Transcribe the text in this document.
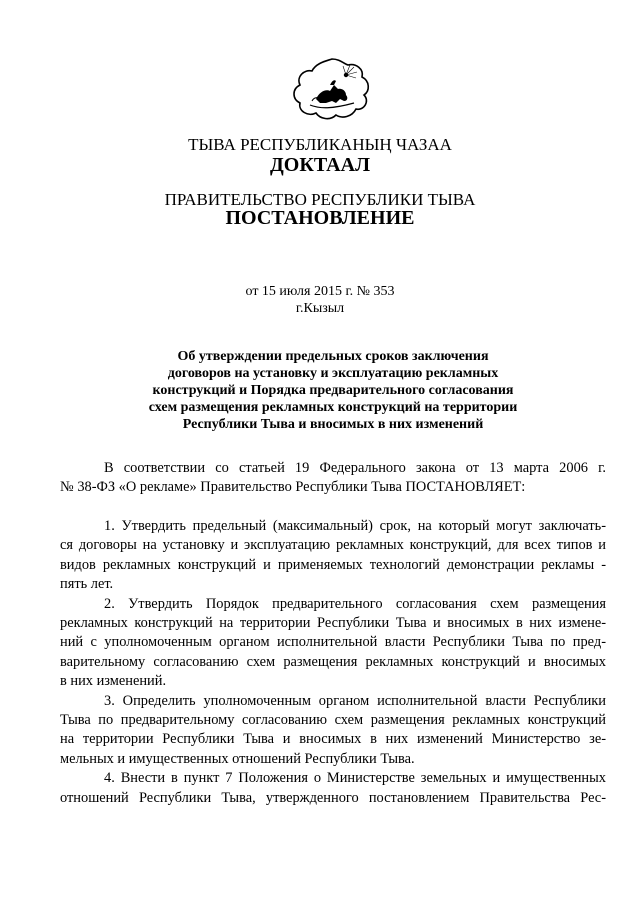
ТЫВА РЕСПУБЛИКАНЫҢ ЧАЗАА
ДОКТААЛ
ПРАВИТЕЛЬСТВО РЕСПУБЛИКИ ТЫВА
ПОСТАНОВЛЕНИЕ
от 15 июля 2015 г. № 353
г.Кызыл
Об утверждении предельных сроков заключения
договоров на установку и эксплуатацию рекламных
конструкций и Порядка предварительного согласования
схем размещения рекламных конструкций на территории
Республики Тыва и вносимых в них изменений
В соответствии со статьей 19 Федерального закона от 13 марта 2006 г.
№ 38-ФЗ «О рекламе» Правительство Республики Тыва ПОСТАНОВЛЯЕТ:
1. Утвердить предельный (максимальный) срок, на который могут заключать-
ся договоры на установку и эксплуатацию рекламных конструкций, для всех типов и
видов рекламных конструкций и применяемых технологий демонстрации рекламы -
пять лет.
2. Утвердить Порядок предварительного согласования схем размещения
рекламных конструкций на территории Республики Тыва и вносимых в них измене-
ний с уполномоченным органом исполнительной власти Республики Тыва по пред-
варительному согласованию схем размещения рекламных конструкций и вносимых
в них изменений.
3. Определить уполномоченным органом исполнительной власти Республики
Тыва по предварительному согласованию схем размещения рекламных конструкций
на территории Республики Тыва и вносимых в них изменений Министерство зе-
мельных и имущественных отношений Республики Тыва.
4. Внести в пункт 7 Положения о Министерстве земельных и имущественных
отношений Республики Тыва, утвержденного постановлением Правительства Рес-
